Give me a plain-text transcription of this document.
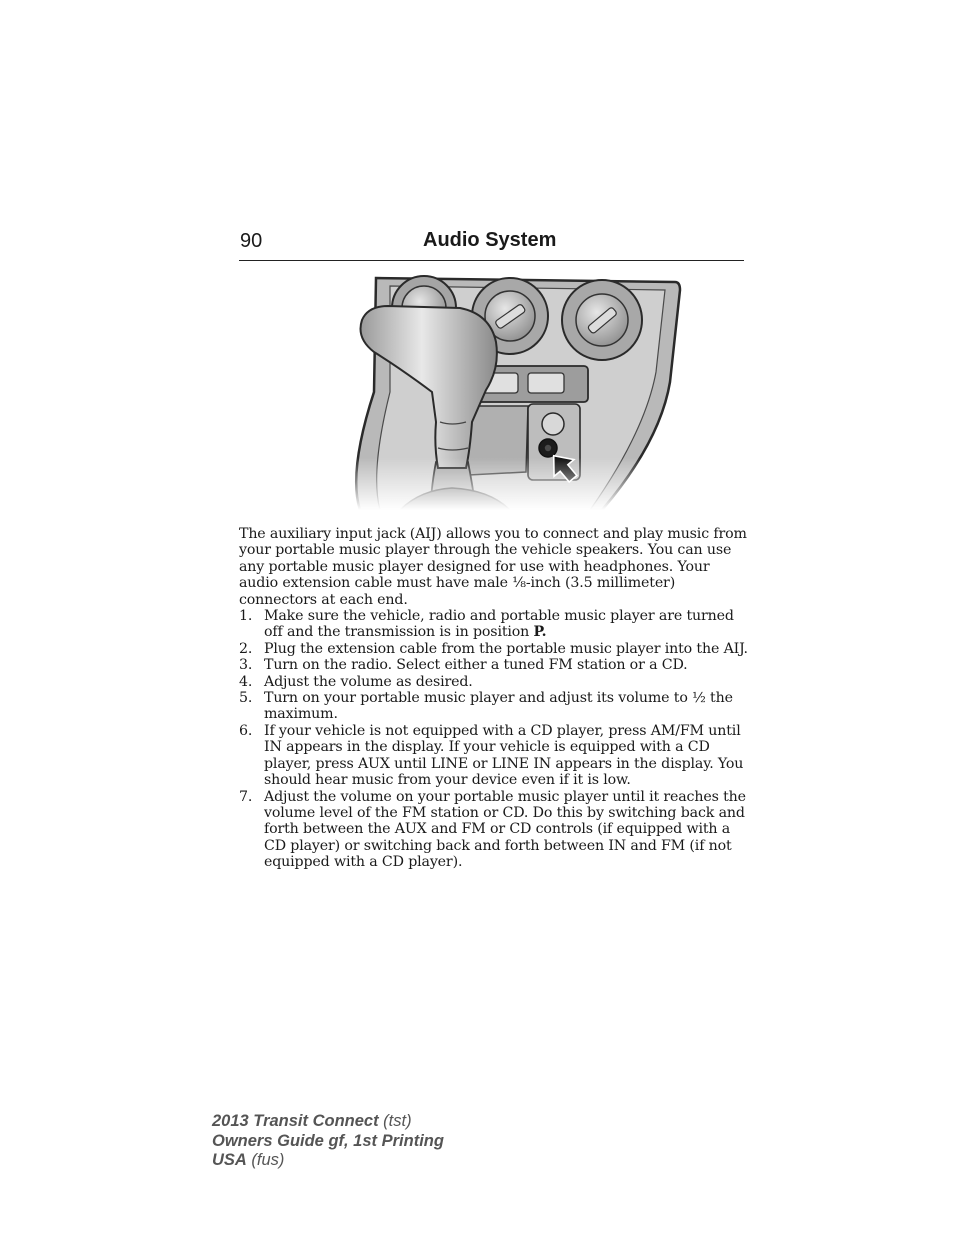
90	Audio System

The auxiliary input jack (AIJ) allows you to connect and play music from your portable music player through the vehicle speakers. You can use any portable music player designed for use with headphones. Your audio extension cable must have male ⅛-inch (3.5 millimeter) connectors at each end.

1. Make sure the vehicle, radio and portable music player are turned off and the transmission is in position P.
2. Plug the extension cable from the portable music player into the AIJ.
3. Turn on the radio. Select either a tuned FM station or a CD.
4. Adjust the volume as desired.
5. Turn on your portable music player and adjust its volume to ½ the maximum.
6. If your vehicle is not equipped with a CD player, press AM/FM until IN appears in the display. If your vehicle is equipped with a CD player, press AUX until LINE or LINE IN appears in the display. You should hear music from your device even if it is low.
7. Adjust the volume on your portable music player until it reaches the volume level of the FM station or CD. Do this by switching back and forth between the AUX and FM or CD controls (if equipped with a CD player) or switching back and forth between IN and FM (if not equipped with a CD player).
2013 Transit Connect (tst)
Owners Guide gf, 1st Printing
USA (fus)
